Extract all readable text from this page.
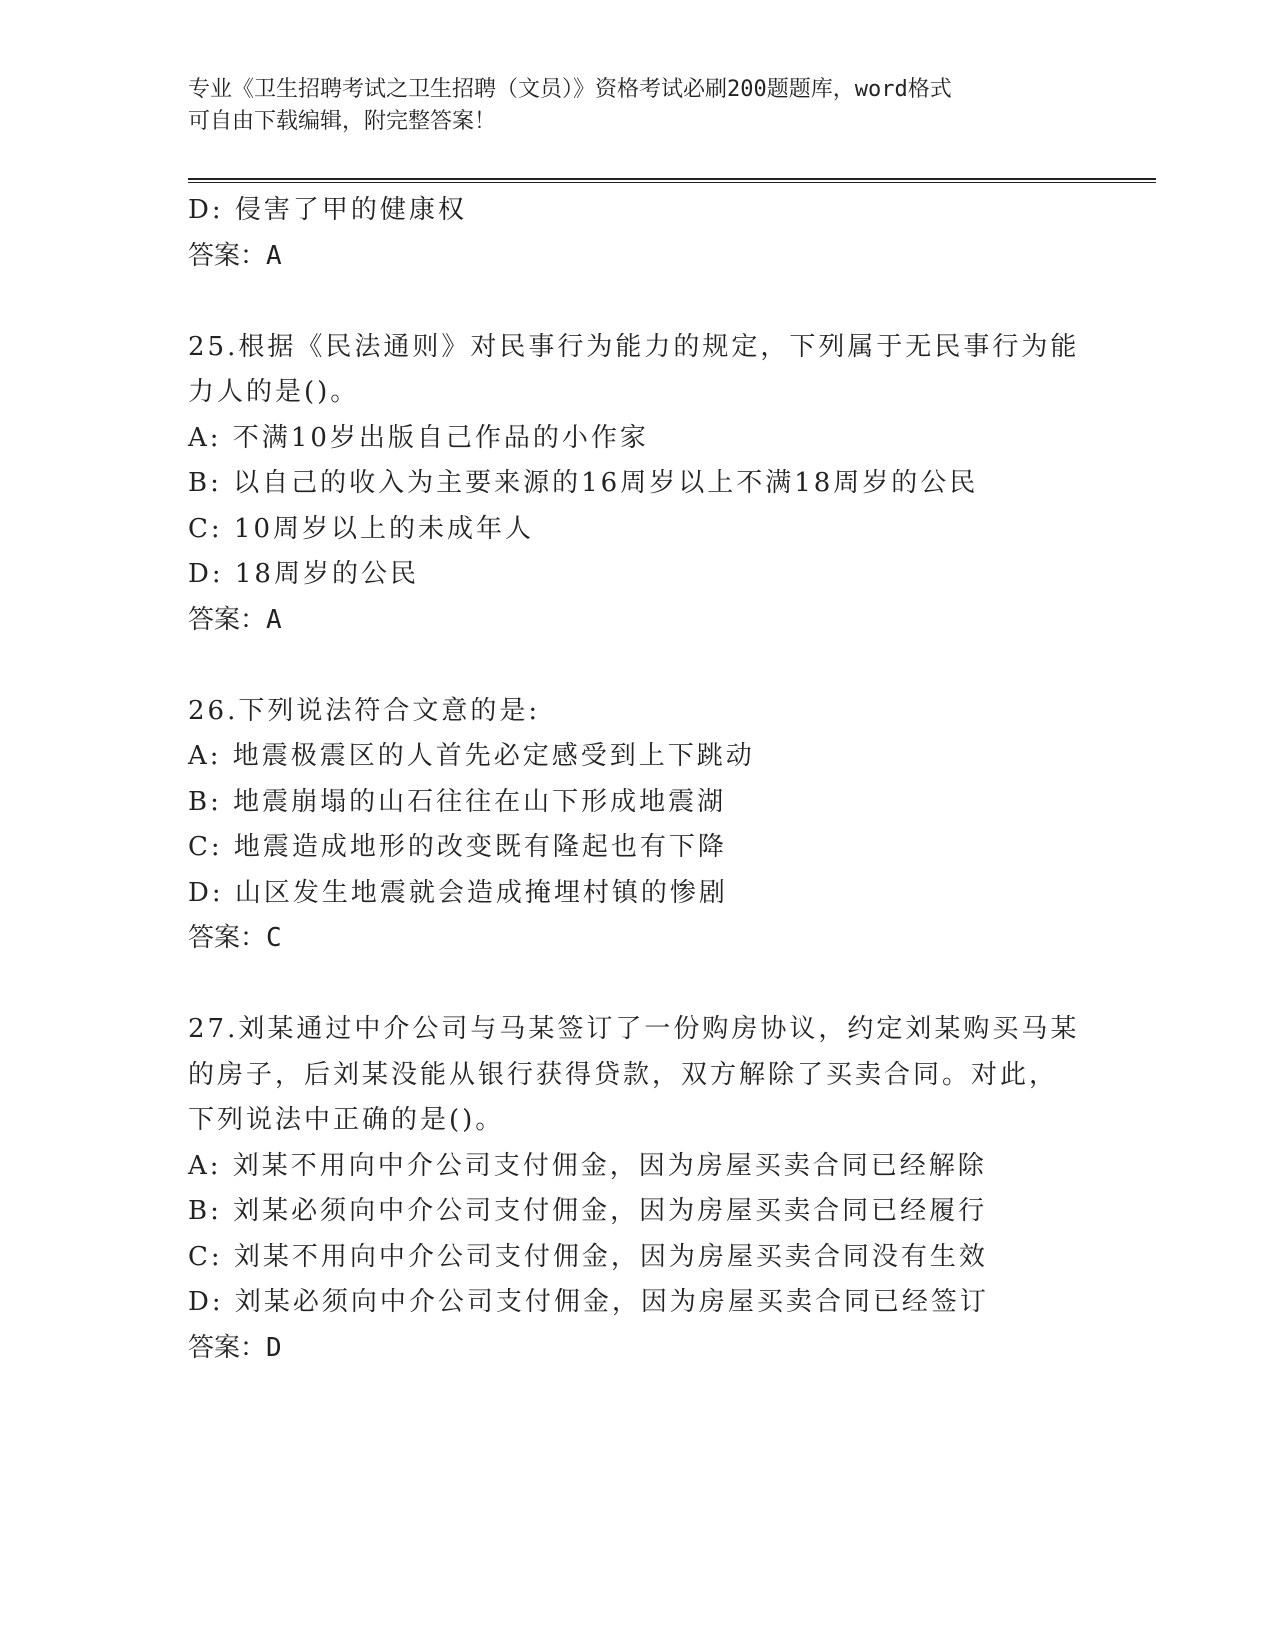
专业《卫生招聘考试之卫生招聘（文员）》资格考试必刷200题题库，word格式
可自由下载编辑，附完整答案！
D: 侵害了甲的健康权
答案：A
25.根据《民法通则》对民事行为能力的规定，下列属于无民事行为能
力人的是()。
A: 不满10岁出版自己作品的小作家
B: 以自己的收入为主要来源的16周岁以上不满18周岁的公民
C: 10周岁以上的未成年人
D: 18周岁的公民
答案：A
26.下列说法符合文意的是:
A: 地震极震区的人首先必定感受到上下跳动
B: 地震崩塌的山石往往在山下形成地震湖
C: 地震造成地形的改变既有隆起也有下降
D: 山区发生地震就会造成掩埋村镇的惨剧
答案：C
27.刘某通过中介公司与马某签订了一份购房协议，约定刘某购买马某
的房子，后刘某没能从银行获得贷款，双方解除了买卖合同。对此，
下列说法中正确的是()。
A: 刘某不用向中介公司支付佣金，因为房屋买卖合同已经解除
B: 刘某必须向中介公司支付佣金，因为房屋买卖合同已经履行
C: 刘某不用向中介公司支付佣金，因为房屋买卖合同没有生效
D: 刘某必须向中介公司支付佣金，因为房屋买卖合同已经签订
答案：D
